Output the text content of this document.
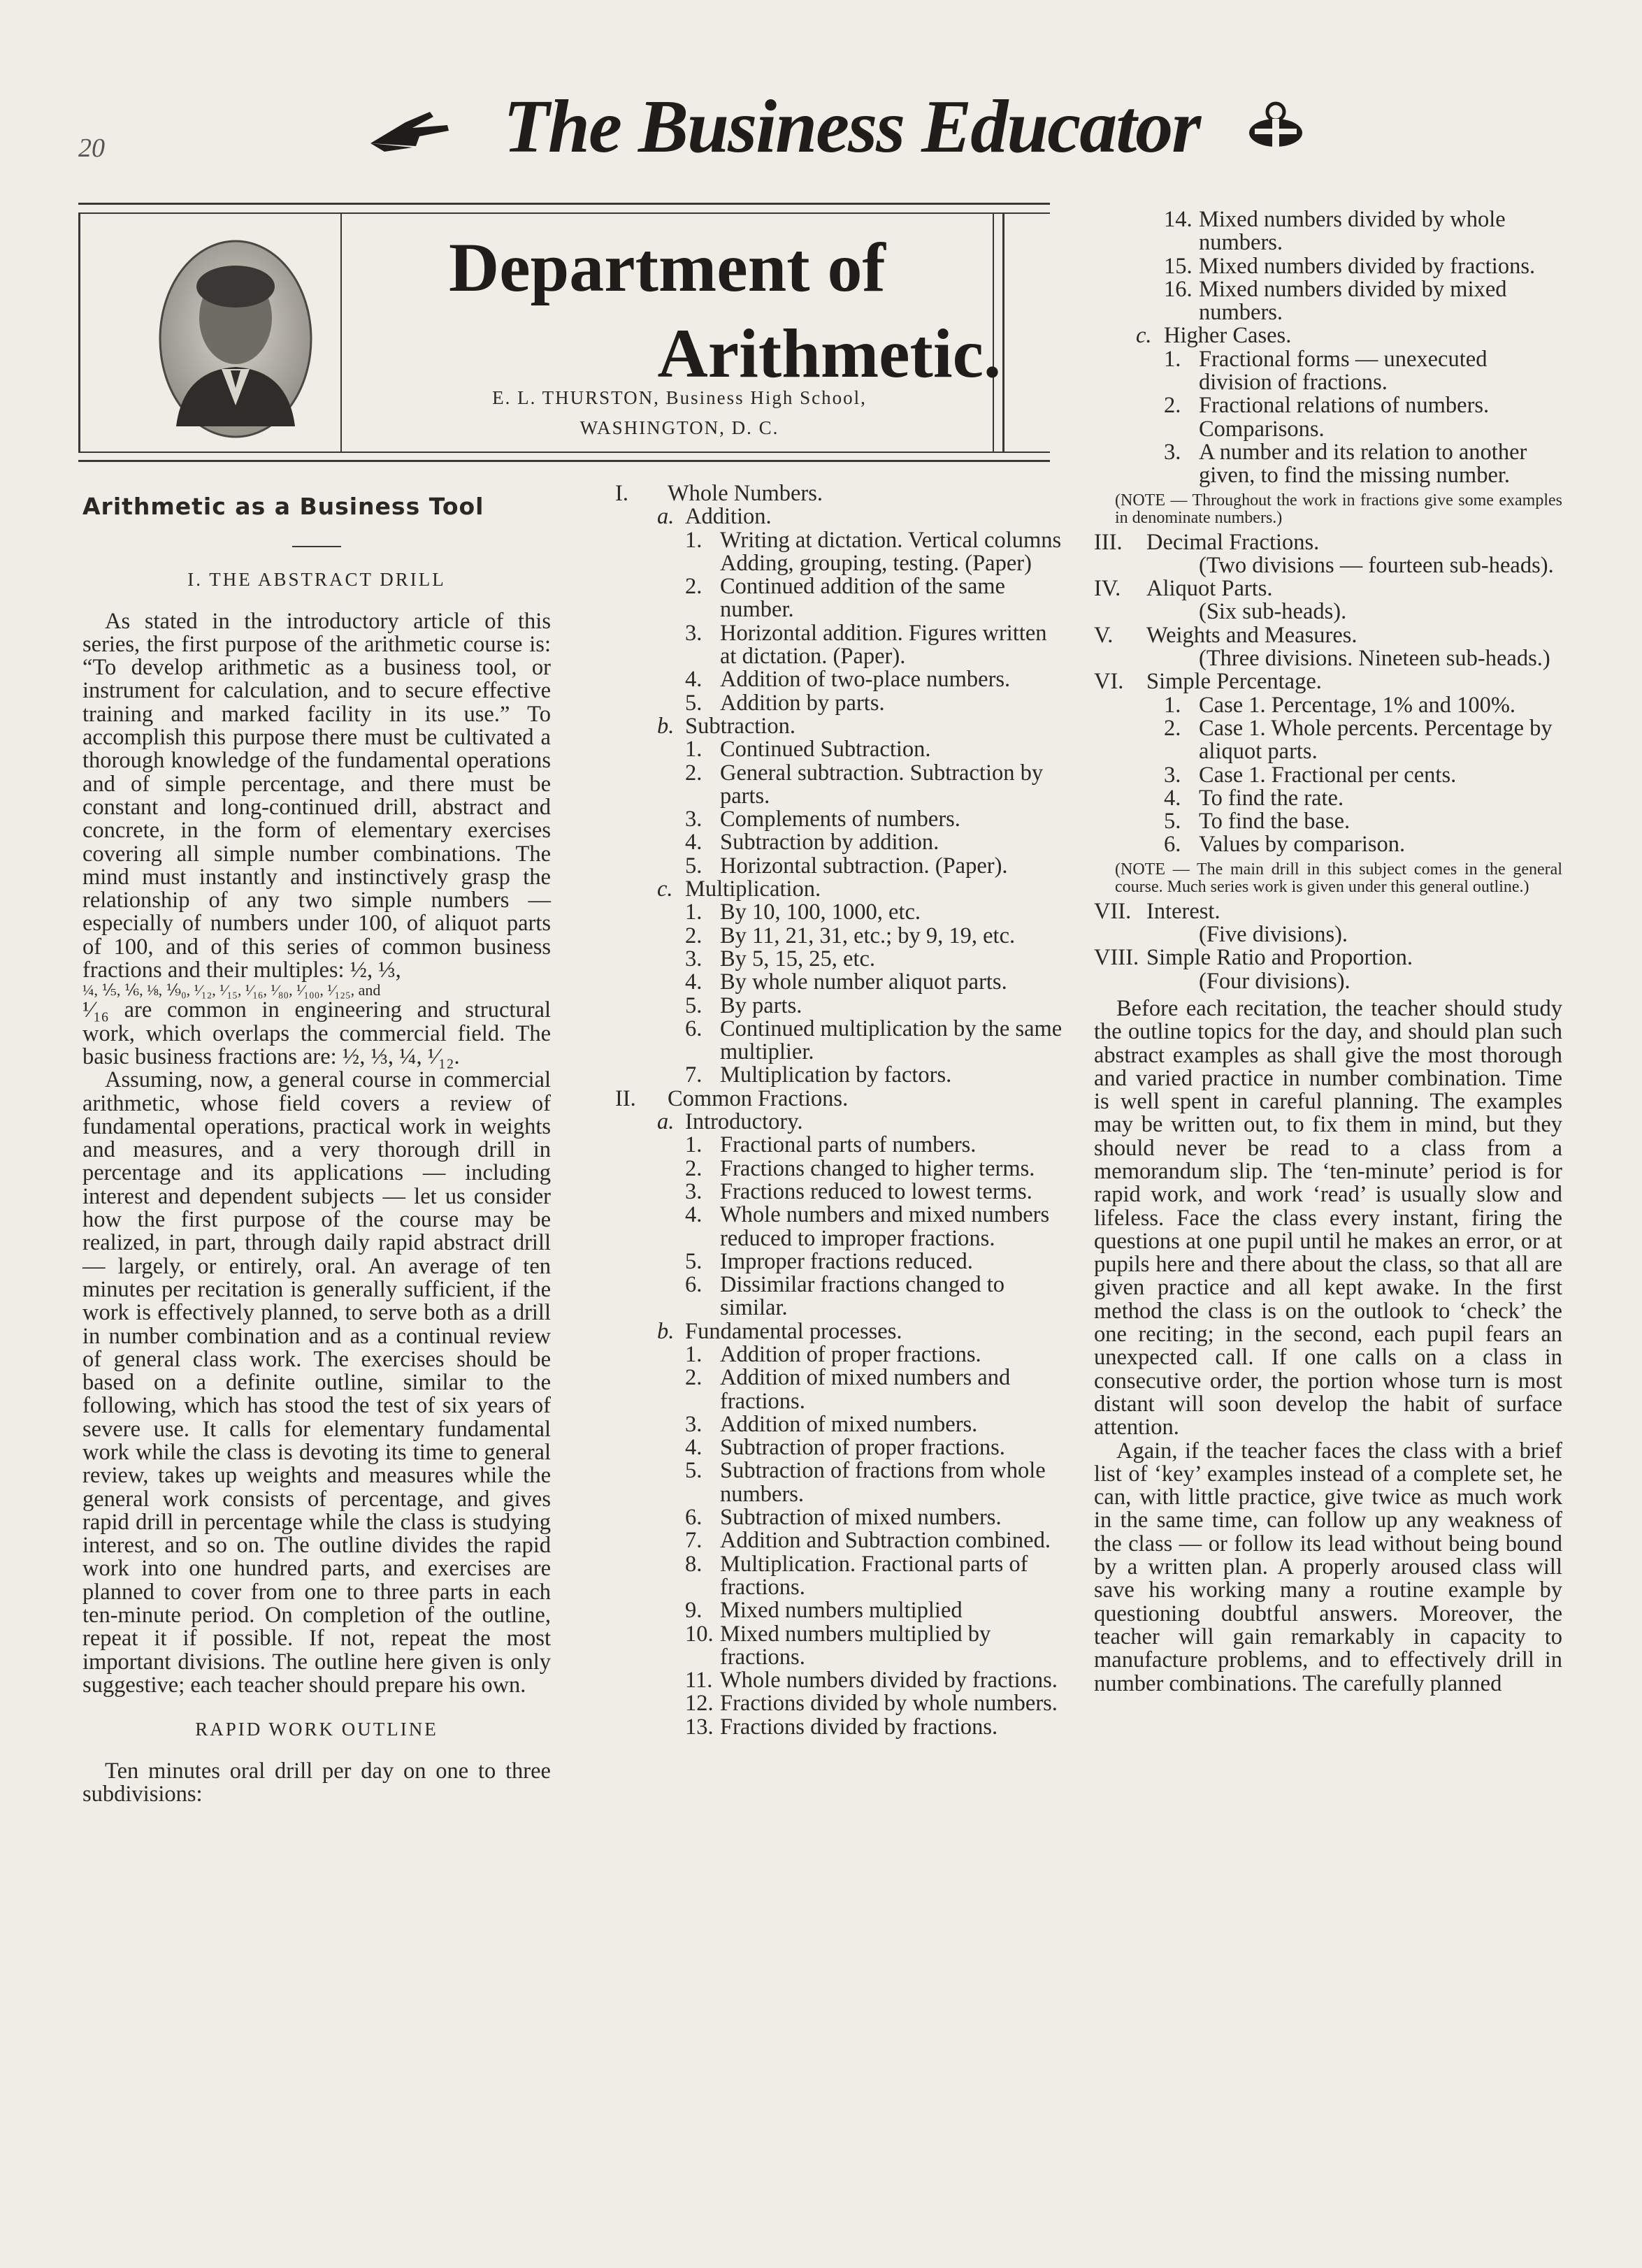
20	The Business Educator
Department of
Arithmetic.
E. L. THURSTON, Business High School,
WASHINGTON, D. C.

Arithmetic as a Business Tool

I. THE ABSTRACT DRILL

As stated in the introductory article of this series, the first purpose of the arithmetic course is: “To develop arithmetic as a business tool, or instrument for calculation, and to secure effective training and marked facility in its use.” To accomplish this purpose there must be cultivated a thorough knowledge of the fundamental operations and of simple percentage, and there must be constant and long-continued drill, abstract and concrete, in the form of elementary exercises covering all simple number combinations. The mind must instantly and instinctively grasp the relationship of any two simple numbers — especially of numbers under 100, of aliquot parts of 100, and of this series of common business fractions and their multiples: ½, ⅓,

¼, ⅕, ⅙, ⅛, ⅑₀, ¹⁄₁₂, ¹⁄₁₅, ¹⁄₁₆, ¹⁄₈₀, ¹⁄₁₀₀, ¹⁄₁₂₅, and

¹⁄₁₆ are common in engineering and structural work, which overlaps the commercial field. The basic business fractions are: ½, ⅓, ¼, ¹⁄₁₂.

Assuming, now, a general course in commercial arithmetic, whose field covers a review of fundamental operations, practical work in weights and measures, and a very thorough drill in percentage and its applications — including interest and dependent subjects — let us consider how the first purpose of the course may be realized, in part, through daily rapid abstract drill — largely, or entirely, oral. An average of ten minutes per recitation is generally sufficient, if the work is effectively planned, to serve both as a drill in number combination and as a continual review of general class work. The exercises should be based on a definite outline, similar to the following, which has stood the test of six years of severe use. It calls for elementary fundamental work while the class is devoting its time to general review, takes up weights and measures while the general work consists of percentage, and gives rapid drill in percentage while the class is studying interest, and so on. The outline divides the rapid work into one hundred parts, and exercises are planned to cover from one to three parts in each ten-minute period. On completion of the outline, repeat it if possible. If not, repeat the most important divisions. The outline here given is only suggestive; each teacher should prepare his own.

RAPID WORK OUTLINE

Ten minutes oral drill per day on one to three subdivisions:

I. Whole Numbers.
a. Addition.
1. Writing at dictation. Vertical columns Adding, grouping, testing. (Paper)
2. Continued addition of the same number.
3. Horizontal addition. Figures written at dictation. (Paper).
4. Addition of two-place numbers.
5. Addition by parts.
b. Subtraction.
1. Continued Subtraction.
2. General subtraction. Subtraction by parts.
3. Complements of numbers.
4. Subtraction by addition.
5. Horizontal subtraction. (Paper).
c. Multiplication.
1. By 10, 100, 1000, etc.
2. By 11, 21, 31, etc.; by 9, 19, etc.
3. By 5, 15, 25, etc.
4. By whole number aliquot parts.
5. By parts.
6. Continued multiplication by the same multiplier.
7. Multiplication by factors.
II. Common Fractions.
a. Introductory.
1. Fractional parts of numbers.
2. Fractions changed to higher terms.
3. Fractions reduced to lowest terms.
4. Whole numbers and mixed numbers reduced to improper fractions.
5. Improper fractions reduced.
6. Dissimilar fractions changed to similar.
b. Fundamental processes.
1. Addition of proper fractions.
2. Addition of mixed numbers and fractions.
3. Addition of mixed numbers.
4. Subtraction of proper fractions.
5. Subtraction of fractions from whole numbers.
6. Subtraction of mixed numbers.
7. Addition and Subtraction combined.
8. Multiplication. Fractional parts of fractions.
9. Mixed numbers multiplied
10. Mixed numbers multiplied by fractions.
11. Whole numbers divided by fractions.
12. Fractions divided by whole numbers.
13. Fractions divided by fractions.
14. Mixed numbers divided by whole numbers.
15. Mixed numbers divided by fractions.
16. Mixed numbers divided by mixed numbers.
c. Higher Cases.
1. Fractional forms — unexecuted division of fractions.
2. Fractional relations of numbers. Comparisons.
3. A number and its relation to another given, to find the missing number.
(NOTE — Throughout the work in fractions give some examples in denominate numbers.)
III. Decimal Fractions.
(Two divisions — fourteen sub-heads).
IV. Aliquot Parts.
(Six sub-heads).
V. Weights and Measures.
(Three divisions. Nineteen sub-heads.)
VI. Simple Percentage.
1. Case 1. Percentage, 1% and 100%.
2. Case 1. Whole percents. Percentage by aliquot parts.
3. Case 1. Fractional per cents.
4. To find the rate.
5. To find the base.
6. Values by comparison.
(NOTE — The main drill in this subject comes in the general course. Much series work is given under this general outline.)
VII. Interest.
(Five divisions).
VIII. Simple Ratio and Proportion.
(Four divisions).

Before each recitation, the teacher should study the outline topics for the day, and should plan such abstract examples as shall give the most thorough and varied practice in number combination. Time is well spent in careful planning. The examples may be written out, to fix them in mind, but they should never be read to a class from a memorandum slip. The ‘ten-minute’ period is for rapid work, and work ‘read’ is usually slow and lifeless. Face the class every instant, firing the questions at one pupil until he makes an error, or at pupils here and there about the class, so that all are given practice and all kept awake. In the first method the class is on the outlook to ‘check’ the one reciting; in the second, each pupil fears an unexpected call. If one calls on a class in consecutive order, the portion whose turn is most distant will soon develop the habit of surface attention.

Again, if the teacher faces the class with a brief list of ‘key’ examples instead of a complete set, he can, with little practice, give twice as much work in the same time, can follow up any weakness of the class — or follow its lead without being bound by a written plan. A properly aroused class will save his working many a routine example by questioning doubtful answers. Moreover, the teacher will gain remarkably in capacity to manufacture problems, and to effectively drill in number combinations. The carefully planned
